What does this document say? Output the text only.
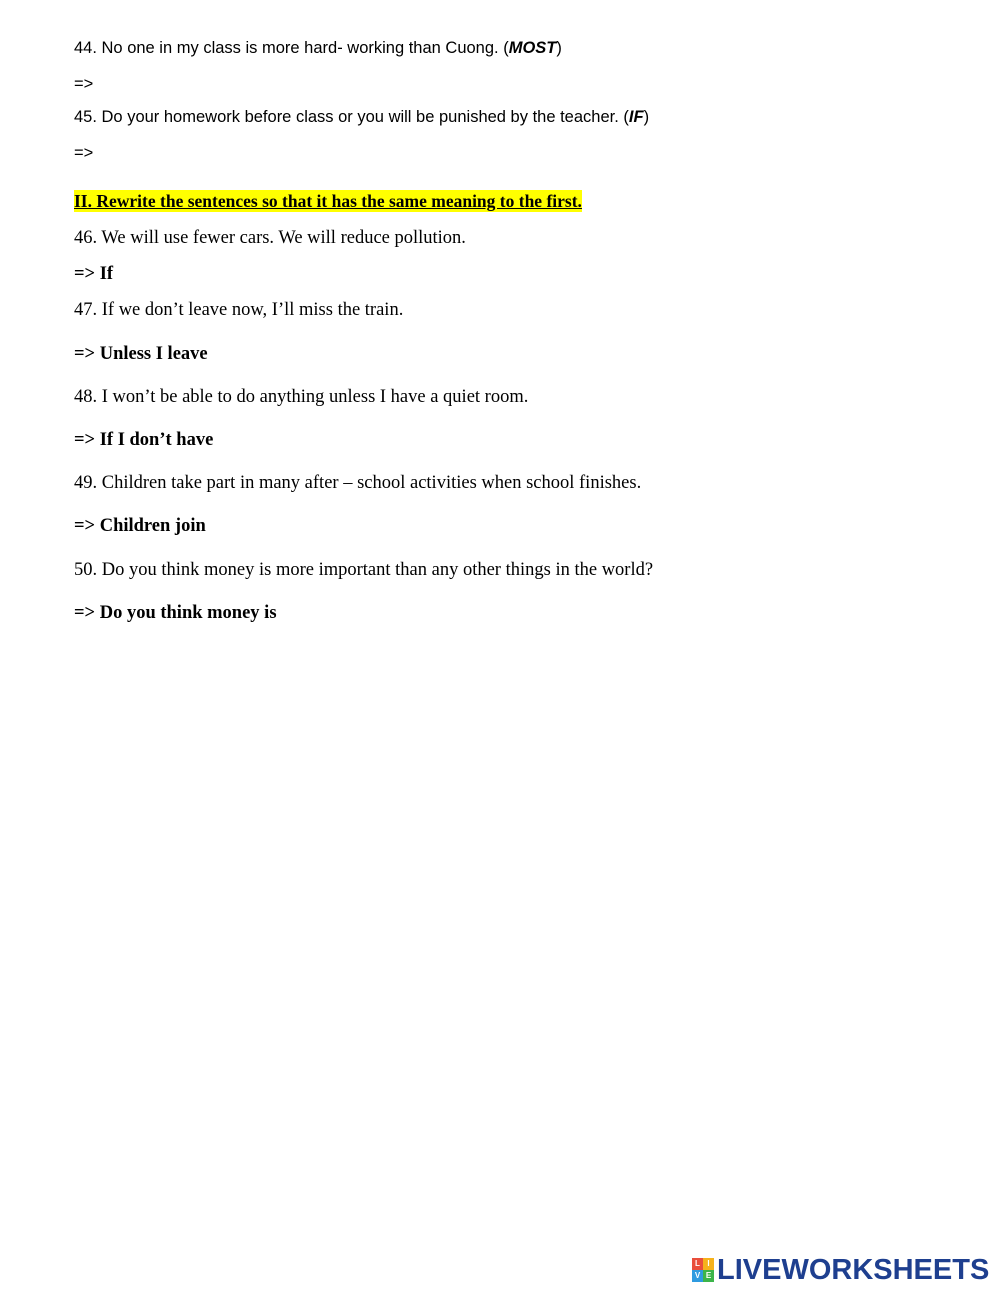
44. No one in my class is more hard- working than Cuong. (MOST)
=>
45. Do your homework before class or you will be punished by the teacher. (IF)
=>
II. Rewrite the sentences so that it has the same meaning to the first.
46. We will use fewer cars. We will reduce pollution.
=> If
47. If we don’t leave now, I’ll miss the train.
=> Unless I leave
48. I won’t be able to do anything unless I have a quiet room.
=> If I don’t have
49. Children take part in many after – school activities when school finishes.
=> Children join
50. Do you think money is more important than any other things in the world?
=> Do you think money is
L I
V E LIVEWORKSHEETS
